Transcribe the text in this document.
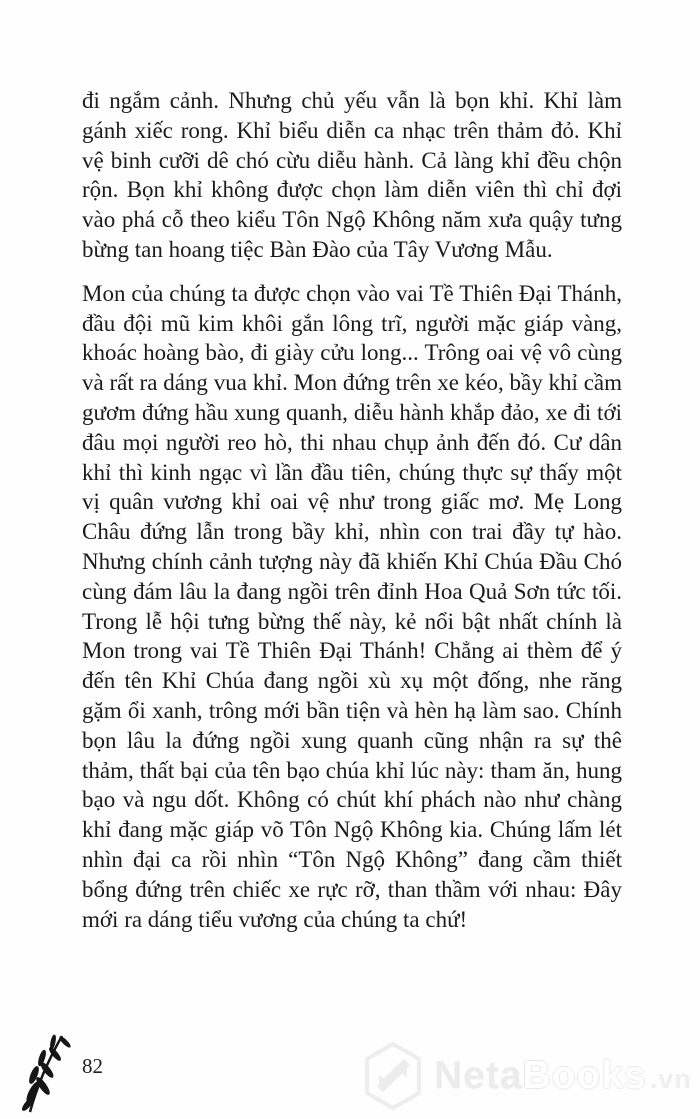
đi ngắm cảnh. Nhưng chủ yếu vẫn là bọn khỉ. Khỉ làm gánh xiếc rong. Khỉ biểu diễn ca nhạc trên thảm đỏ. Khỉ vệ binh cưỡi dê chó cừu diễu hành. Cả làng khỉ đều chộn rộn. Bọn khỉ không được chọn làm diễn viên thì chỉ đợi vào phá cỗ theo kiểu Tôn Ngộ Không năm xưa quậy tưng bừng tan hoang tiệc Bàn Đào của Tây Vương Mẫu.

Mon của chúng ta được chọn vào vai Tề Thiên Đại Thánh, đầu đội mũ kim khôi gắn lông trĩ, người mặc giáp vàng, khoác hoàng bào, đi giày cửu long... Trông oai vệ vô cùng và rất ra dáng vua khỉ. Mon đứng trên xe kéo, bầy khỉ cầm gươm đứng hầu xung quanh, diễu hành khắp đảo, xe đi tới đâu mọi người reo hò, thi nhau chụp ảnh đến đó. Cư dân khỉ thì kinh ngạc vì lần đầu tiên, chúng thực sự thấy một vị quân vương khỉ oai vệ như trong giấc mơ. Mẹ Long Châu đứng lẫn trong bầy khỉ, nhìn con trai đầy tự hào. Nhưng chính cảnh tượng này đã khiến Khỉ Chúa Đầu Chó cùng đám lâu la đang ngồi trên đỉnh Hoa Quả Sơn tức tối. Trong lễ hội tưng bừng thế này, kẻ nổi bật nhất chính là Mon trong vai Tề Thiên Đại Thánh! Chẳng ai thèm để ý đến tên Khỉ Chúa đang ngồi xù xụ một đống, nhe răng gặm ổi xanh, trông mới bần tiện và hèn hạ làm sao. Chính bọn lâu la đứng ngồi xung quanh cũng nhận ra sự thê thảm, thất bại của tên bạo chúa khỉ lúc này: tham ăn, hung bạo và ngu dốt. Không có chút khí phách nào như chàng khỉ đang mặc giáp võ Tôn Ngộ Không kia. Chúng lấm lét nhìn đại ca rồi nhìn “Tôn Ngộ Không” đang cầm thiết bổng đứng trên chiếc xe rực rỡ, than thầm với nhau: Đây mới ra dáng tiểu vương của chúng ta chứ!

82	NetaBooks .vn
